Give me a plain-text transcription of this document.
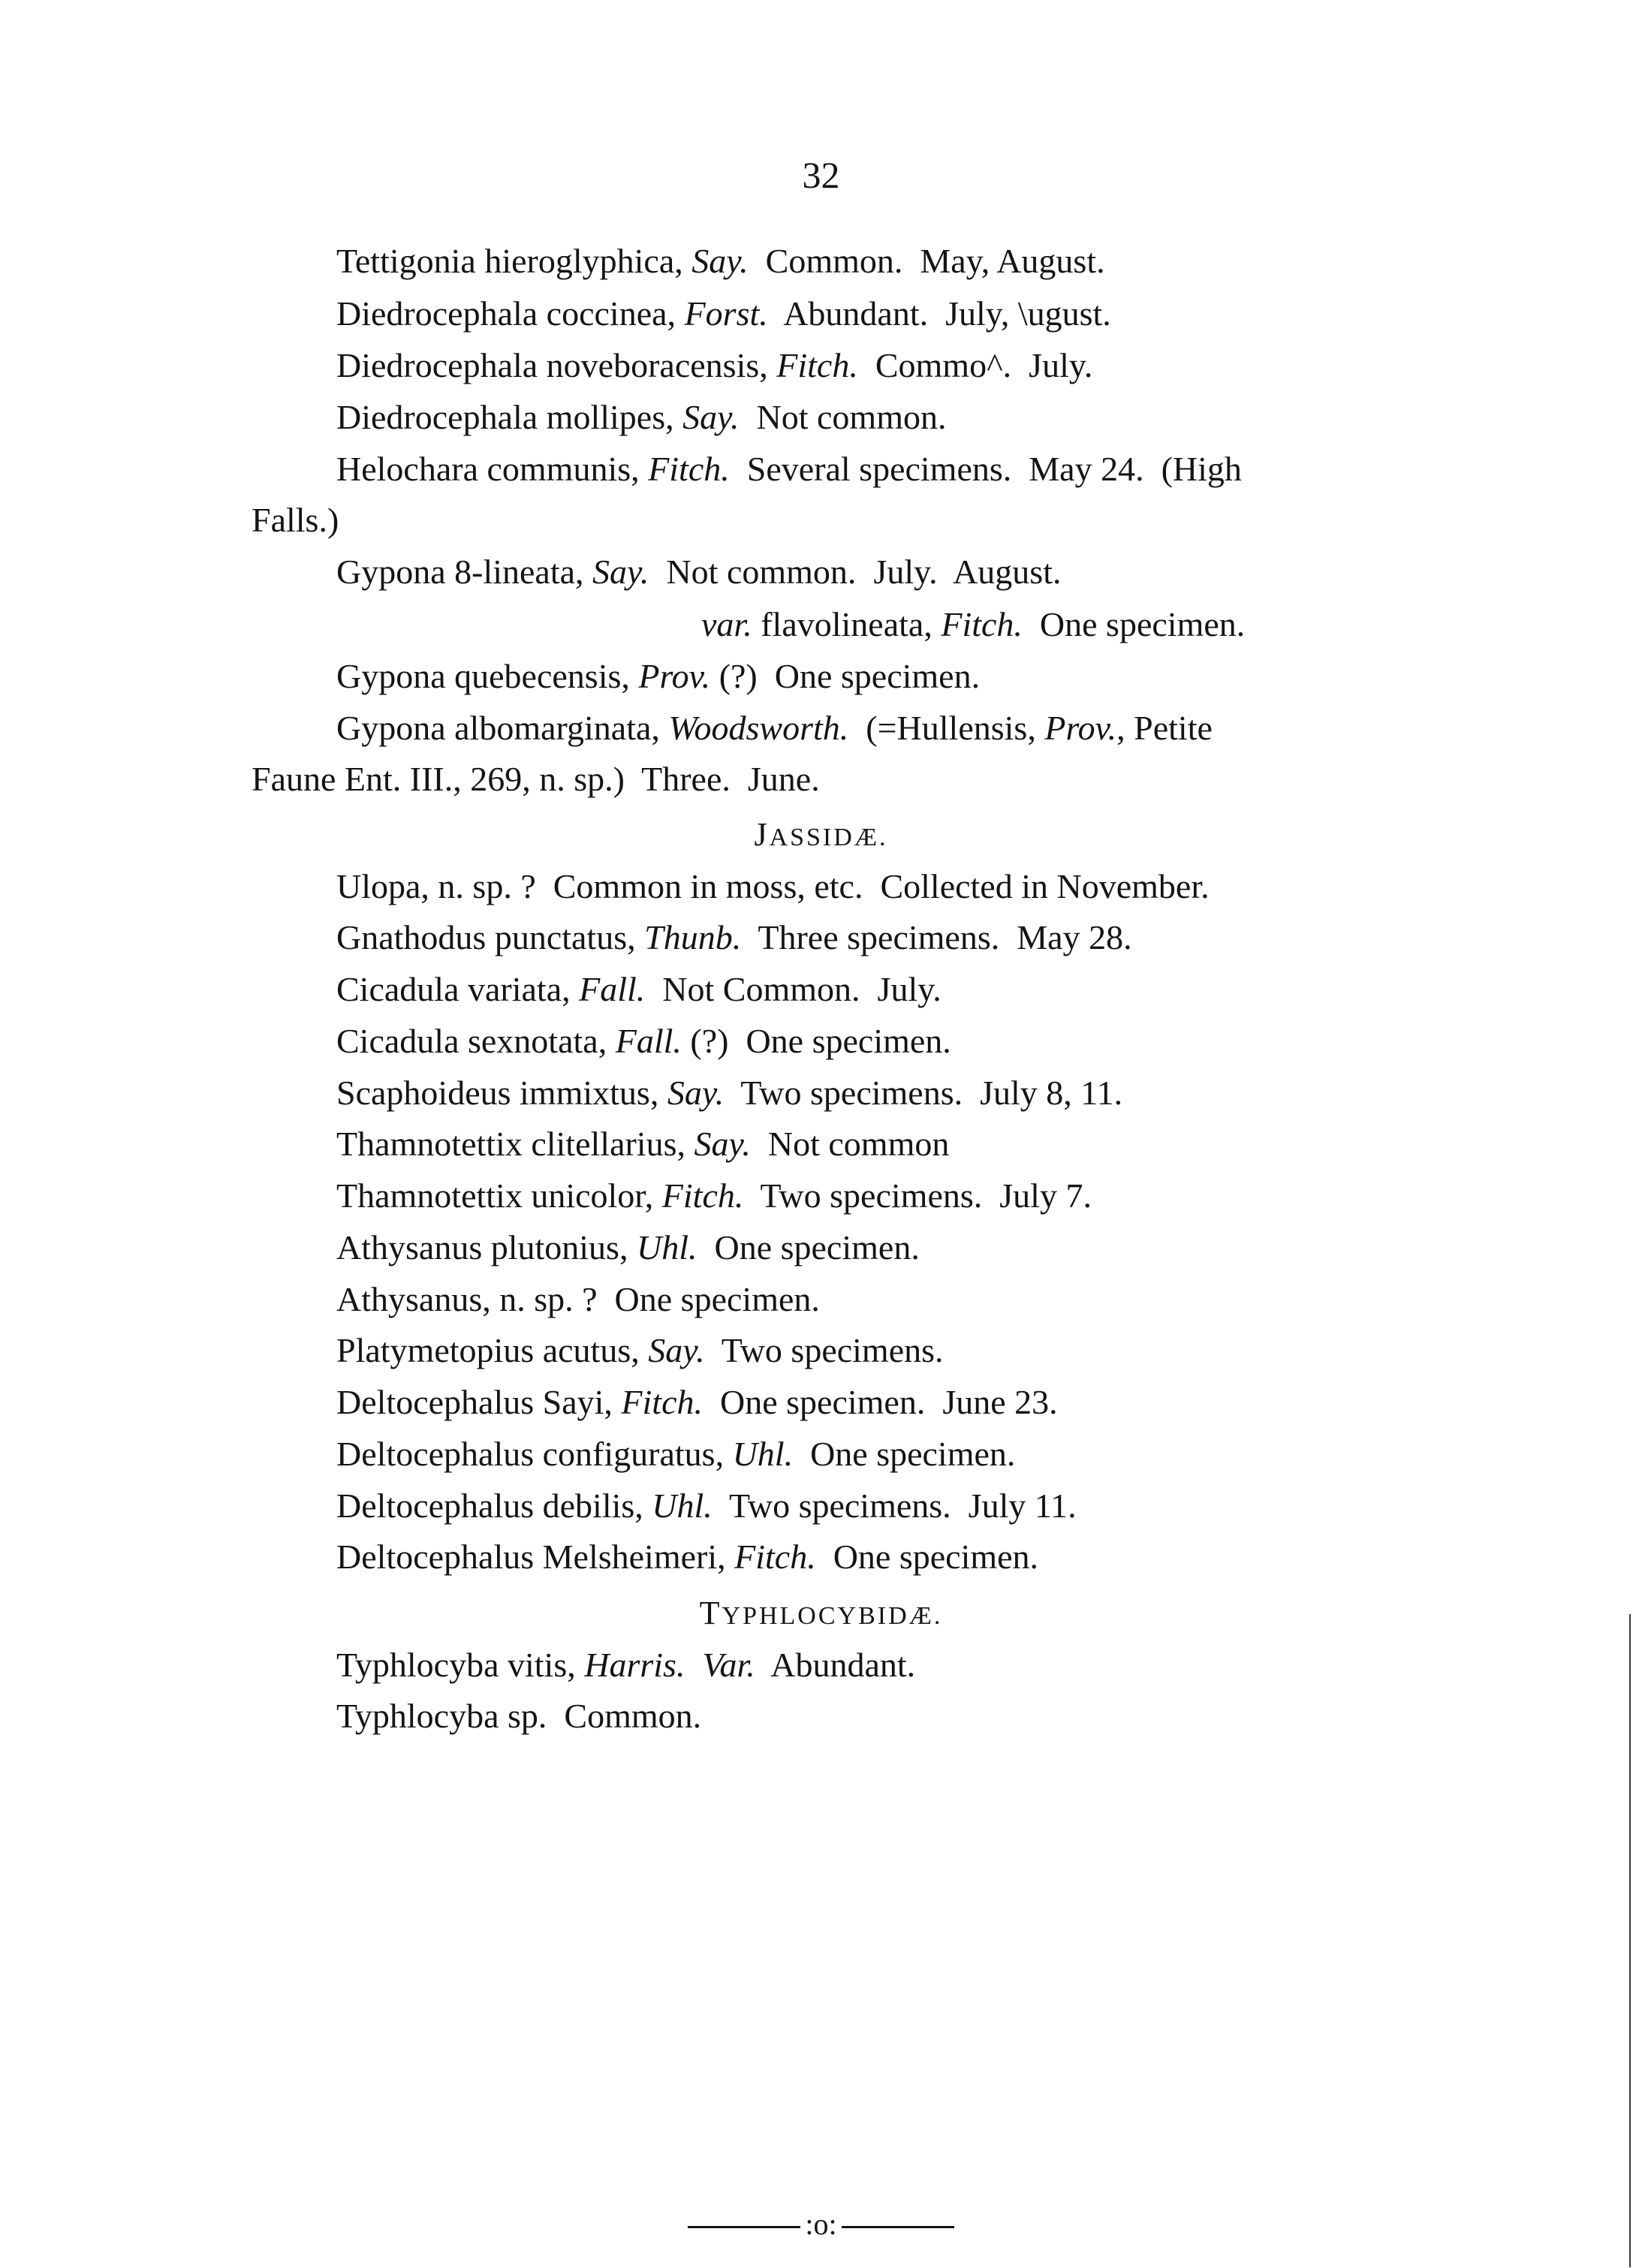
32
Tettigonia hieroglyphica, Say.  Common.  May, August.
Diedrocephala coccinea, Forst.  Abundant.  July, \ugust.
Diedrocephala noveboracensis, Fitch.  Commo^.  July.
Diedrocephala mollipes, Say.  Not common.
Helochara communis, Fitch.  Several specimens.  May 24.  (High
Falls.)
Gypona 8-lineata, Say.  Not common.  July.  August.
var. flavolineata, Fitch.  One specimen.
Gypona quebecensis, Prov. (?)  One specimen.
Gypona albomarginata, Woodsworth.  (=Hullensis, Prov., Petite
Faune Ent. III., 269, n. sp.)  Three.  June.
JASSIDÆ.
Ulopa, n. sp. ?  Common in moss, etc.  Collected in November.
Gnathodus punctatus, Thunb.  Three specimens.  May 28.
Cicadula variata, Fall.  Not Common.  July.
Cicadula sexnotata, Fall. (?)  One specimen.
Scaphoideus immixtus, Say.  Two specimens.  July 8, 11.
Thamnotettix clitellarius, Say.  Not common
Thamnotettix unicolor, Fitch.  Two specimens.  July 7.
Athysanus plutonius, Uhl.  One specimen.
Athysanus, n. sp. ?  One specimen.
Platymetopius acutus, Say.  Two specimens.
Deltocephalus Sayi, Fitch.  One specimen.  June 23.
Deltocephalus configuratus, Uhl.  One specimen.
Deltocephalus debilis, Uhl.  Two specimens.  July 11.
Deltocephalus Melsheimeri, Fitch.  One specimen.
TYPHLOCYBIDÆ.
Typhlocyba vitis, Harris. Var.  Abundant.
Typhlocyba sp.  Common.
:o:
